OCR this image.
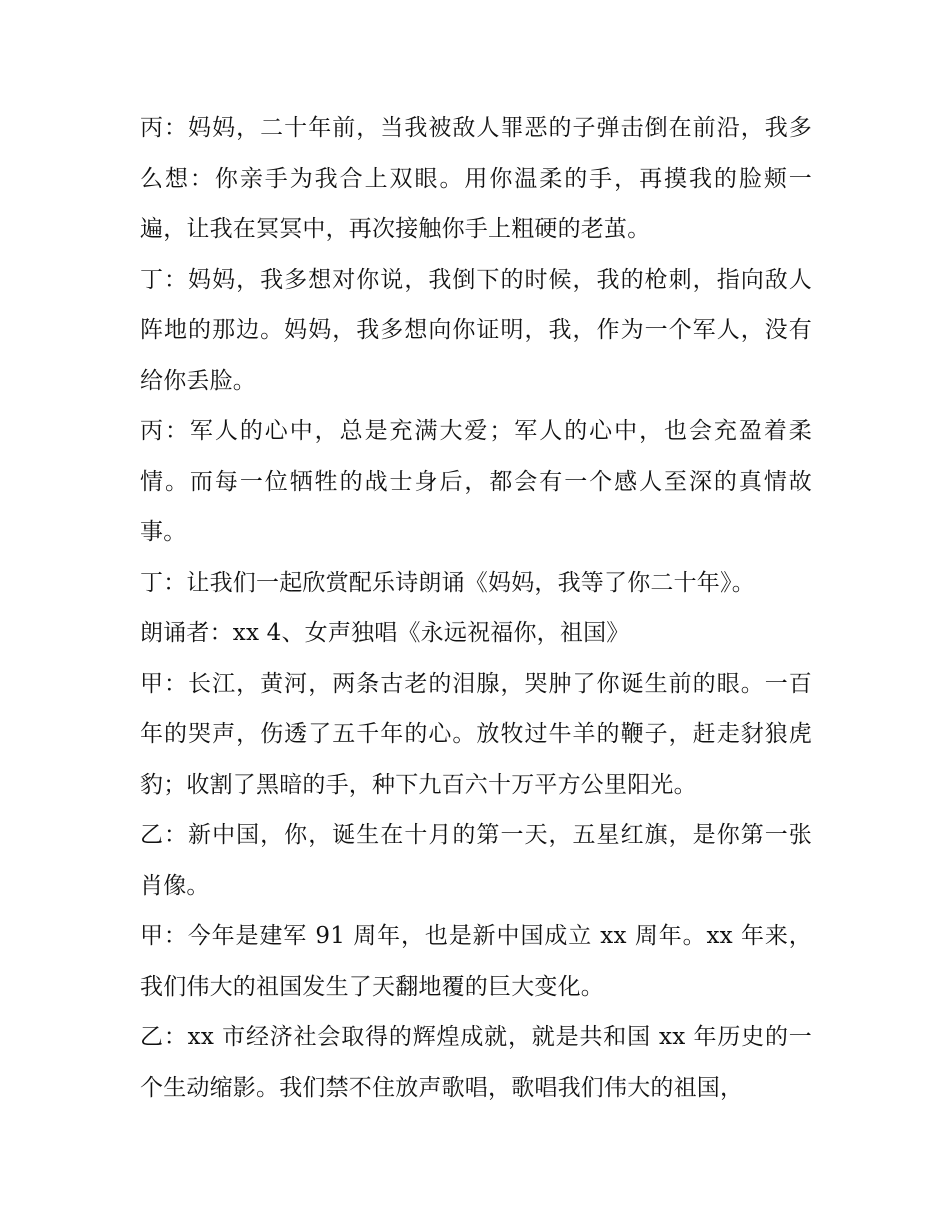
丙：妈妈，二十年前，当我被敌人罪恶的子弹击倒在前沿，我多么想：你亲手为我合上双眼。用你温柔的手，再摸我的脸颊一遍，让我在冥冥中，再次接触你手上粗硬的老茧。

丁：妈妈，我多想对你说，我倒下的时候，我的枪刺，指向敌人阵地的那边。妈妈，我多想向你证明，我，作为一个军人，没有给你丢脸。

丙：军人的心中，总是充满大爱；军人的心中，也会充盈着柔情。而每一位牺牲的战士身后，都会有一个感人至深的真情故事。

丁：让我们一起欣赏配乐诗朗诵《妈妈，我等了你二十年》。

朗诵者：xx 4、女声独唱《永远祝福你，祖国》

甲：长江，黄河，两条古老的泪腺，哭肿了你诞生前的眼。一百年的哭声，伤透了五千年的心。放牧过牛羊的鞭子，赶走豺狼虎豹；收割了黑暗的手，种下九百六十万平方公里阳光。

乙：新中国，你，诞生在十月的第一天，五星红旗，是你第一张肖像。

甲：今年是建军 91 周年，也是新中国成立 xx 周年。xx 年来，我们伟大的祖国发生了天翻地覆的巨大变化。

乙：xx 市经济社会取得的辉煌成就，就是共和国 xx 年历史的一个生动缩影。我们禁不住放声歌唱，歌唱我们伟大的祖国，
